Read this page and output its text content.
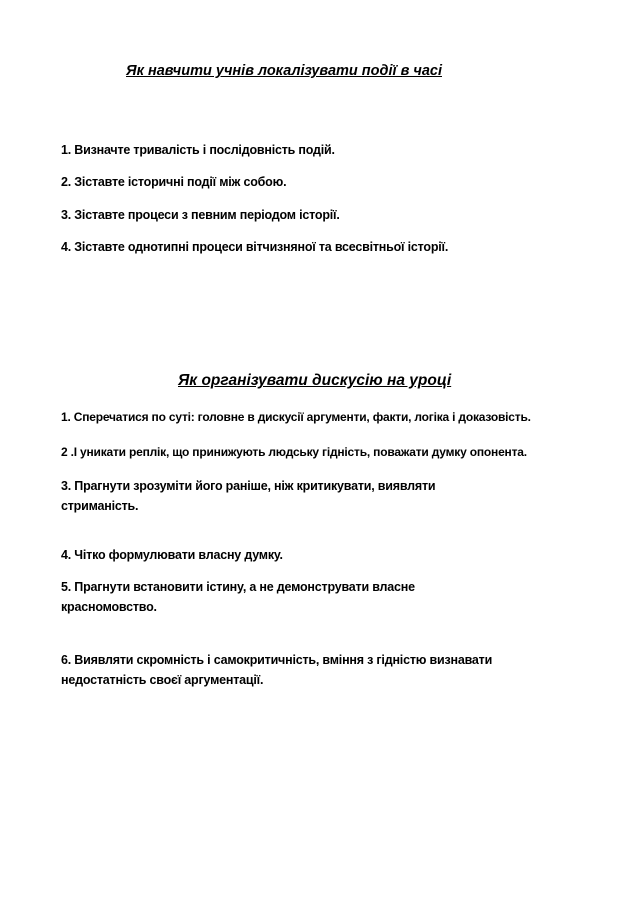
Як навчити учнів локалізувати події в часі
1. Визначте тривалість і послідовність подій.
2. Зіставте історичні події між собою.
3. Зіставте процеси з певним періодом історії.
4. Зіставте однотипні процеси вітчизняної та всесвітньої історії.
Як організувати дискусію на уроці
1. Сперечатися по суті: головне в дискусії аргументи, факти, логіка і доказовість.
2 .І уникати реплік, що принижують людську гідність, поважати думку опонента.
3. Прагнути зрозуміти його раніше, ніж критикувати, виявляти стриманість.
4. Чітко формулювати власну думку.
5. Прагнути встановити істину, а не демонструвати власне красномовство.
6. Виявляти скромність і самокритичність, вміння з гідністю визнавати недостатність своєї аргументації.
